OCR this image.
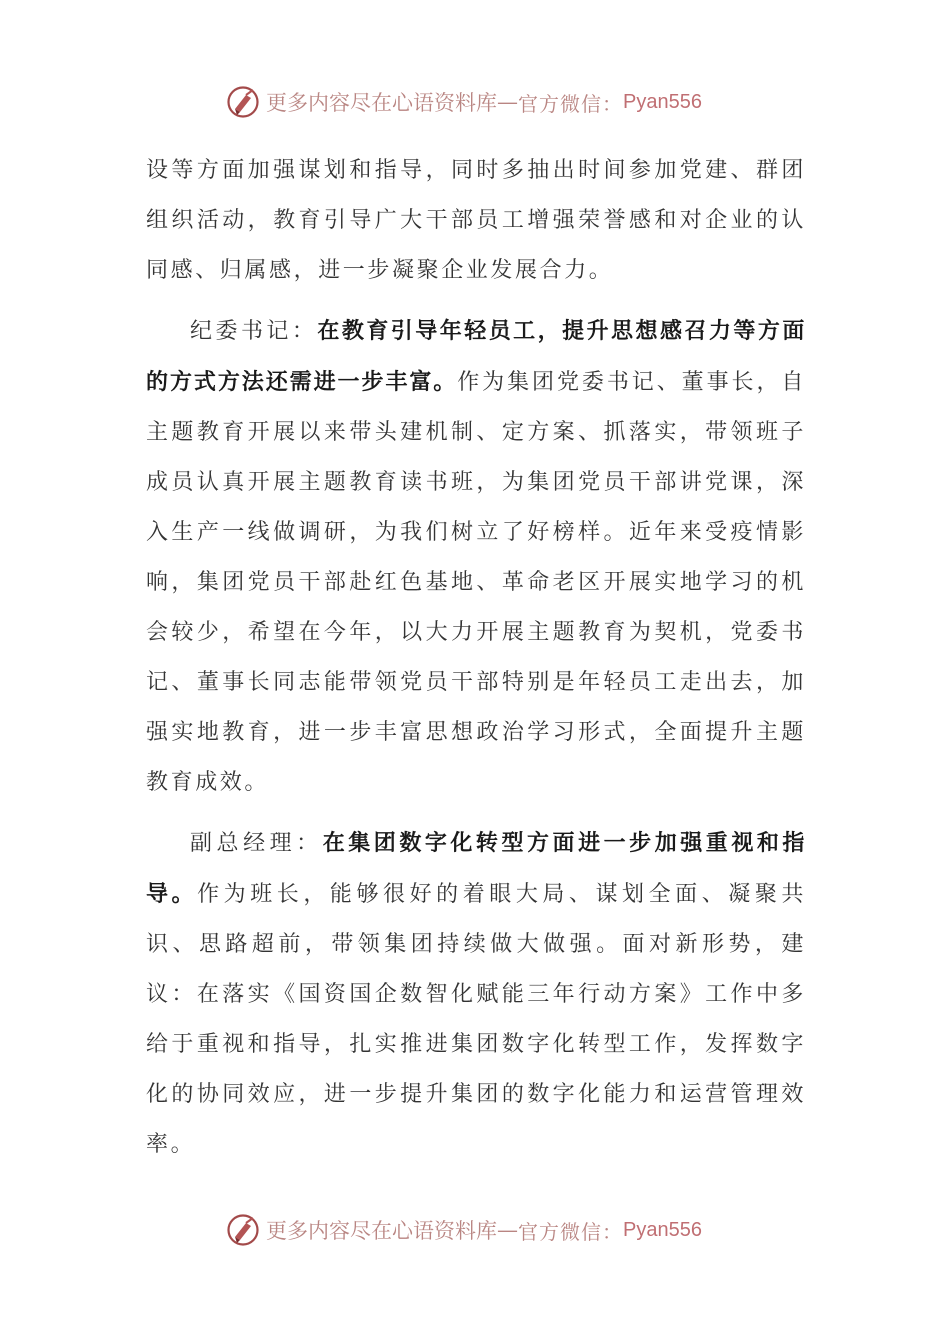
更多内容尽在心语资料库 — 官方微信： Pyan556

设等方面加强谋划和指导，同时多抽出时间参加党建、群团组织活动，教育引导广大干部员工增强荣誉感和对企业的认同感、归属感，进一步凝聚企业发展合力。

纪委书记：在教育引导年轻员工，提升思想感召力等方面的方式方法还需进一步丰富。作为集团党委书记、董事长，自主题教育开展以来带头建机制、定方案、抓落实，带领班子成员认真开展主题教育读书班，为集团党员干部讲党课，深入生产一线做调研，为我们树立了好榜样。近年来受疫情影响，集团党员干部赴红色基地、革命老区开展实地学习的机会较少，希望在今年，以大力开展主题教育为契机，党委书记、董事长同志能带领党员干部特别是年轻员工走出去，加强实地教育，进一步丰富思想政治学习形式，全面提升主题教育成效。

副总经理：在集团数字化转型方面进一步加强重视和指导。作为班长，能够很好的着眼大局、谋划全面、凝聚共识、思路超前，带领集团持续做大做强。面对新形势，建议：在落实《国资国企数智化赋能三年行动方案》工作中多给于重视和指导，扎实推进集团数字化转型工作，发挥数字化的协同效应，进一步提升集团的数字化能力和运营管理效率。

更多内容尽在心语资料库 — 官方微信： Pyan556
